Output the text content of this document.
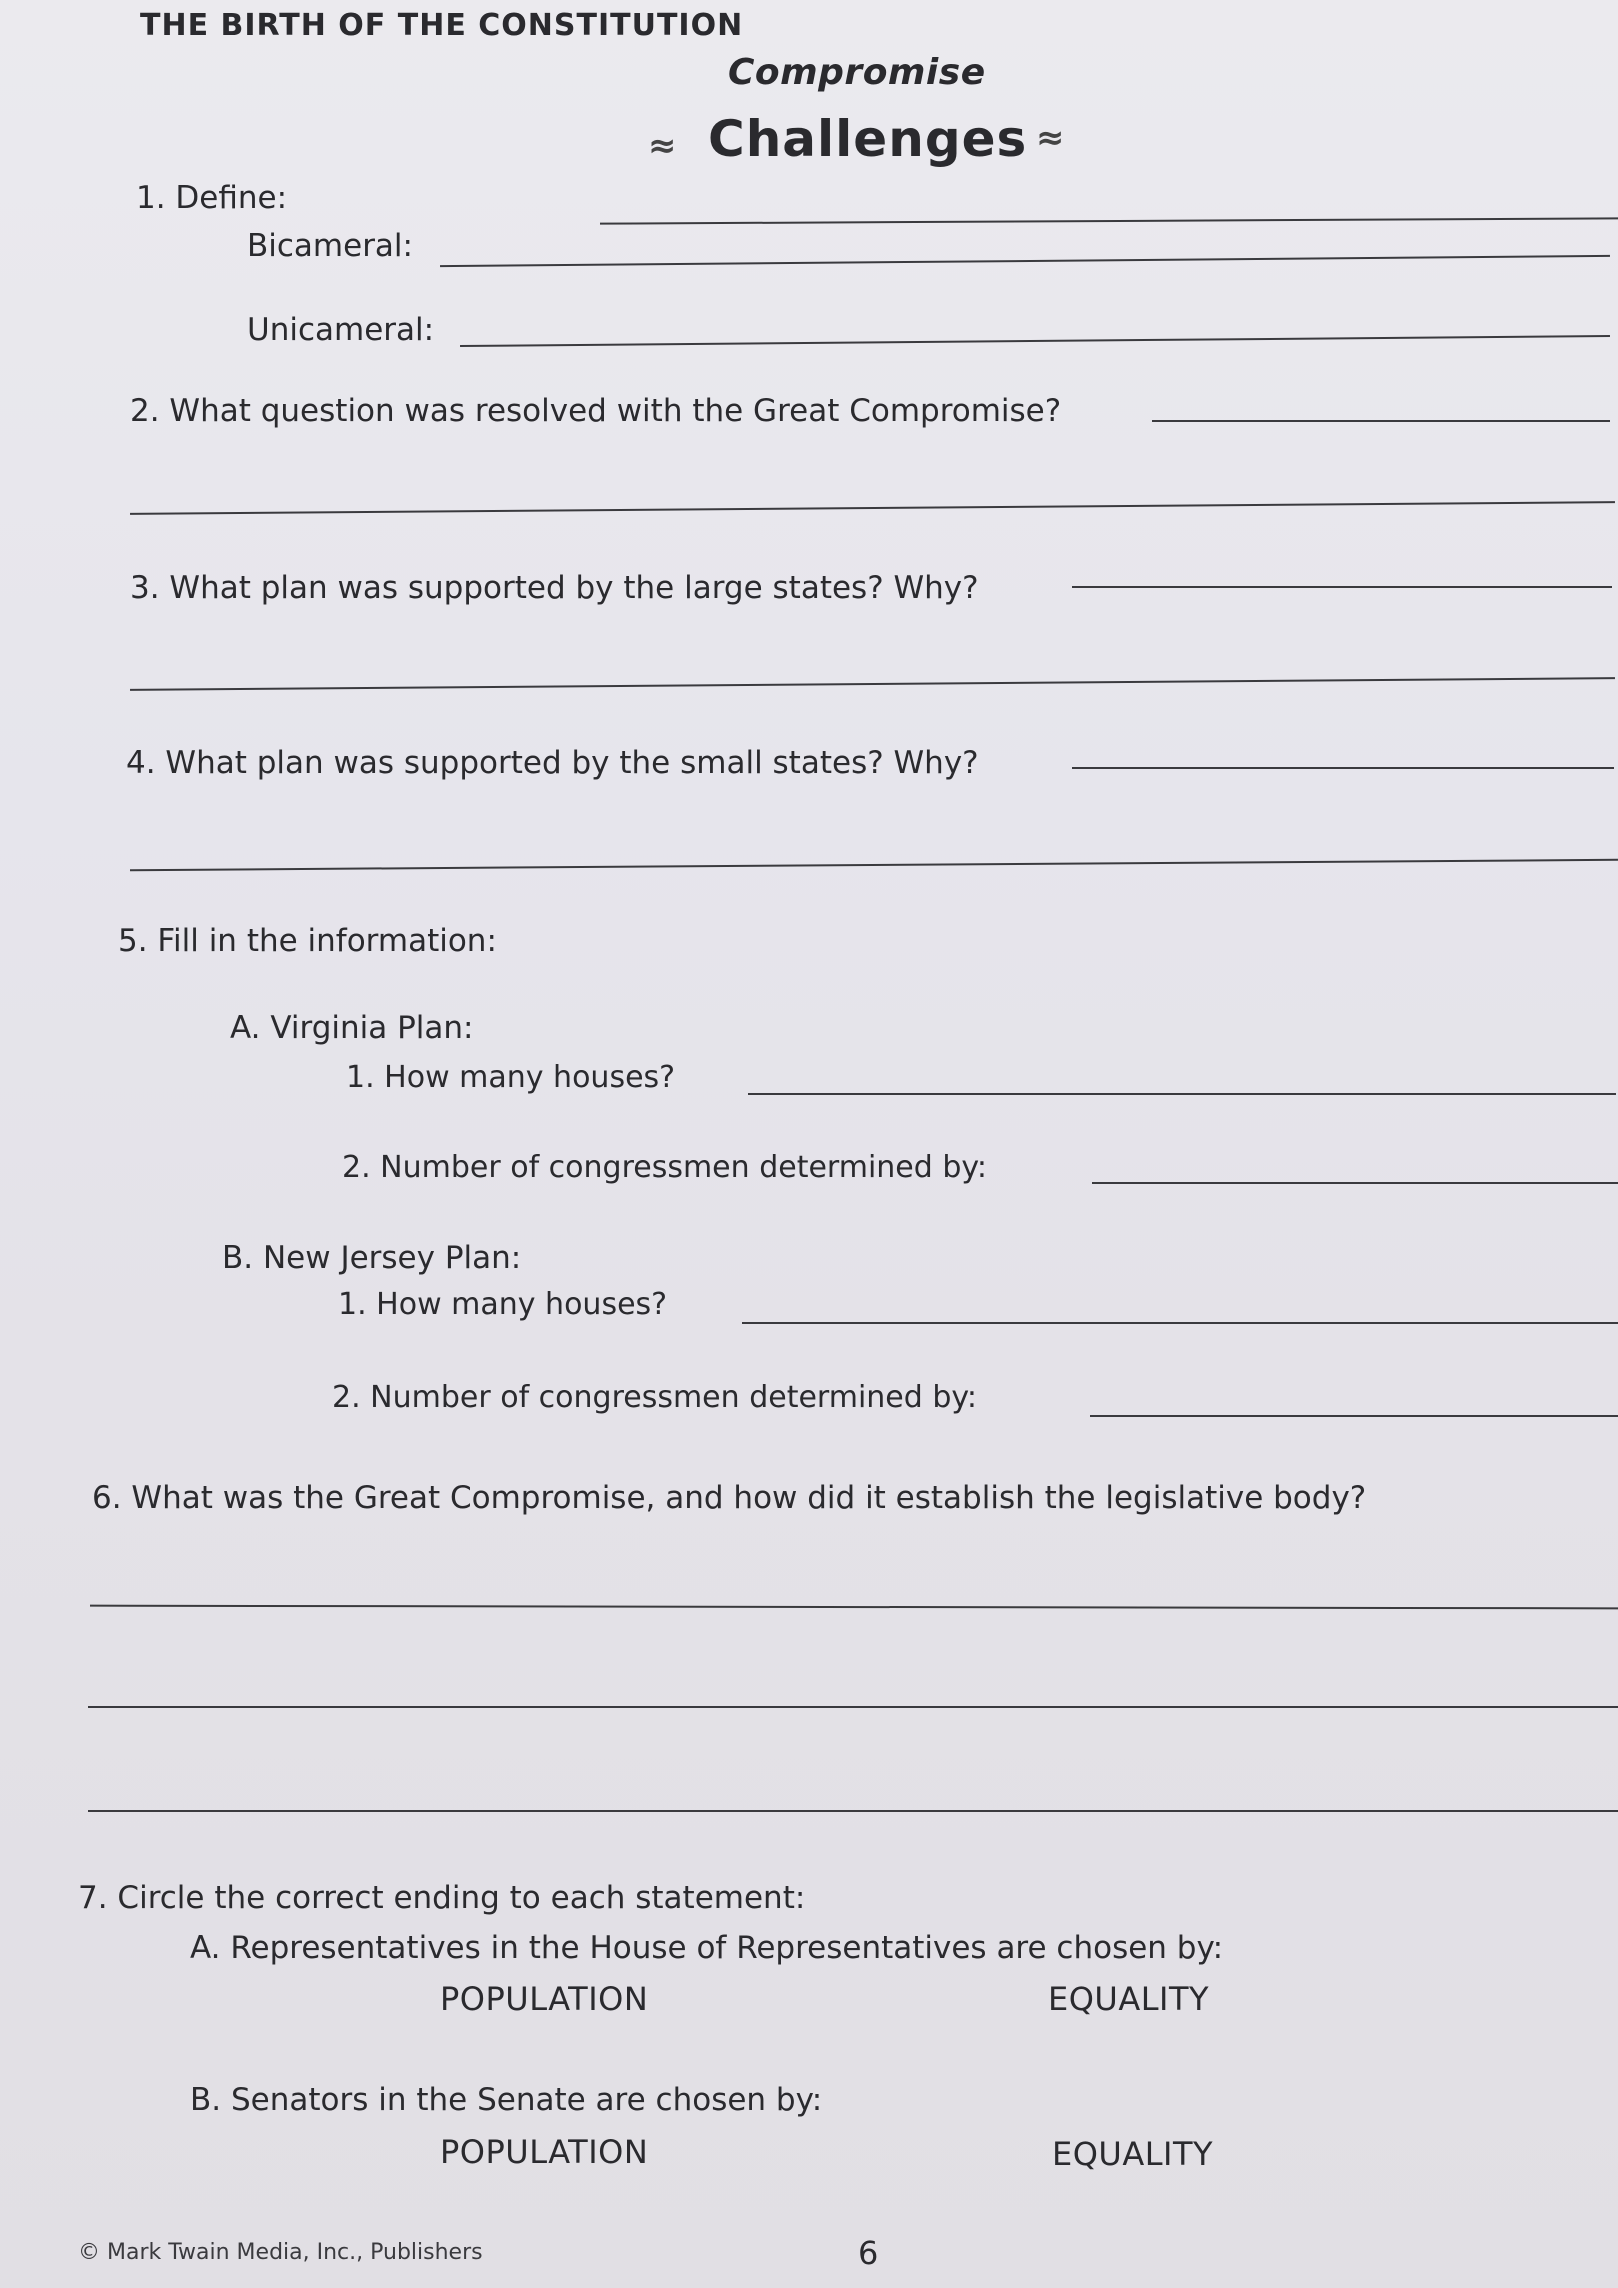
THE BIRTH OF THE CONSTITUTION
Compromise
≈ Challenges ≈
1. Define:
Bicameral:
Unicameral:
2. What question was resolved with the Great Compromise?
3. What plan was supported by the large states? Why?
4. What plan was supported by the small states? Why?
5. Fill in the information:
A. Virginia Plan:
1. How many houses?
2. Number of congressmen determined by:
B. New Jersey Plan:
1. How many houses?
2. Number of congressmen determined by:
6. What was the Great Compromise, and how did it establish the legislative body?
7. Circle the correct ending to each statement:
A. Representatives in the House of Representatives are chosen by:
POPULATION	EQUALITY
B. Senators in the Senate are chosen by:
POPULATION	EQUALITY
© Mark Twain Media, Inc., Publishers	6
